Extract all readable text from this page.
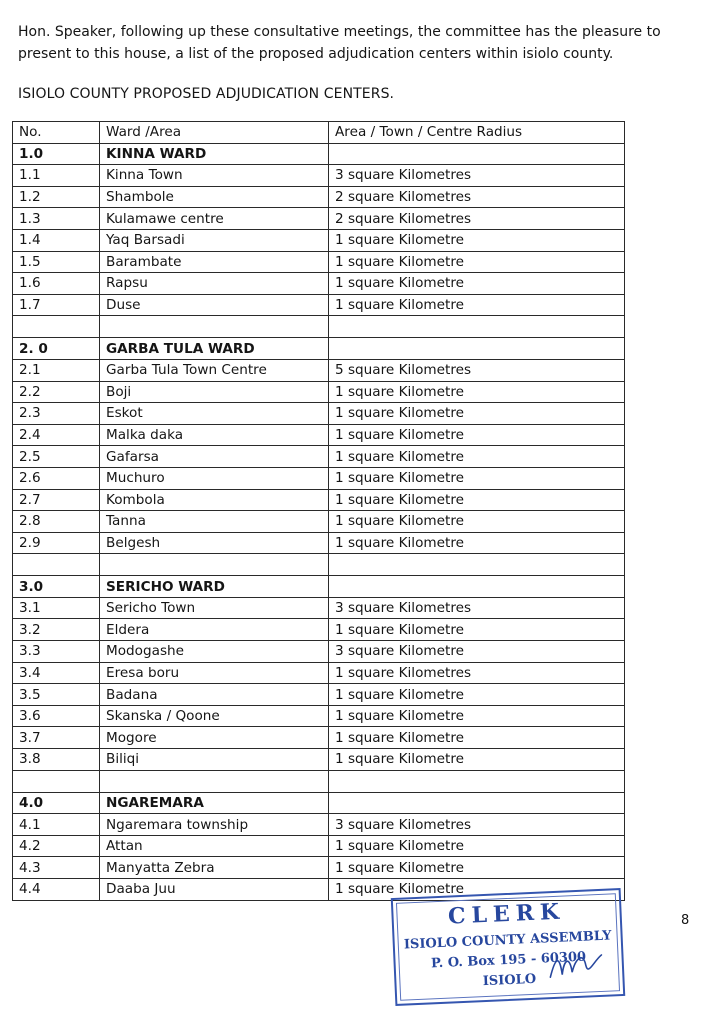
Hon. Speaker, following up these consultative meetings, the committee has the pleasure to present to this house, a list of the proposed adjudication centers within isiolo county.

ISIOLO COUNTY PROPOSED ADJUDICATION CENTERS.
No.	Ward /Area	Area / Town / Centre Radius
1.0	KINNA WARD	
1.1	Kinna Town	3 square Kilometres
1.2	Shambole	2 square Kilometres
1.3	Kulamawe centre	2 square Kilometres
1.4	Yaq Barsadi	1 square Kilometre
1.5	Barambate	1 square Kilometre
1.6	Rapsu	1 square Kilometre
1.7	Duse	1 square Kilometre

2. 0	GARBA TULA WARD	
2.1	Garba Tula Town Centre	5 square Kilometres
2.2	Boji	1 square Kilometre
2.3	Eskot	1 square Kilometre
2.4	Malka daka	1 square Kilometre
2.5	Gafarsa	1 square Kilometre
2.6	Muchuro	1 square Kilometre
2.7	Kombola	1 square Kilometre
2.8	Tanna	1 square Kilometre
2.9	Belgesh	1 square Kilometre

3.0	SERICHO WARD	
3.1	Sericho Town	3 square Kilometres
3.2	Eldera	1 square Kilometre
3.3	Modogashe	3 square Kilometre
3.4	Eresa boru	1 square Kilometres
3.5	Badana	1 square Kilometre
3.6	Skanska / Qoone	1 square Kilometre
3.7	Mogore	1 square Kilometre
3.8	Biliqi	1 square Kilometre

4.0	NGAREMARA	
4.1	Ngaremara township	3 square Kilometres
4.2	Attan	1 square Kilometre
4.3	Manyatta Zebra	1 square Kilometre
4.4	Daaba Juu	1 square Kilometre
8
CLERK
ISIOLO COUNTY ASSEMBLY
P. O. Box 195 - 60300
ISIOLO
